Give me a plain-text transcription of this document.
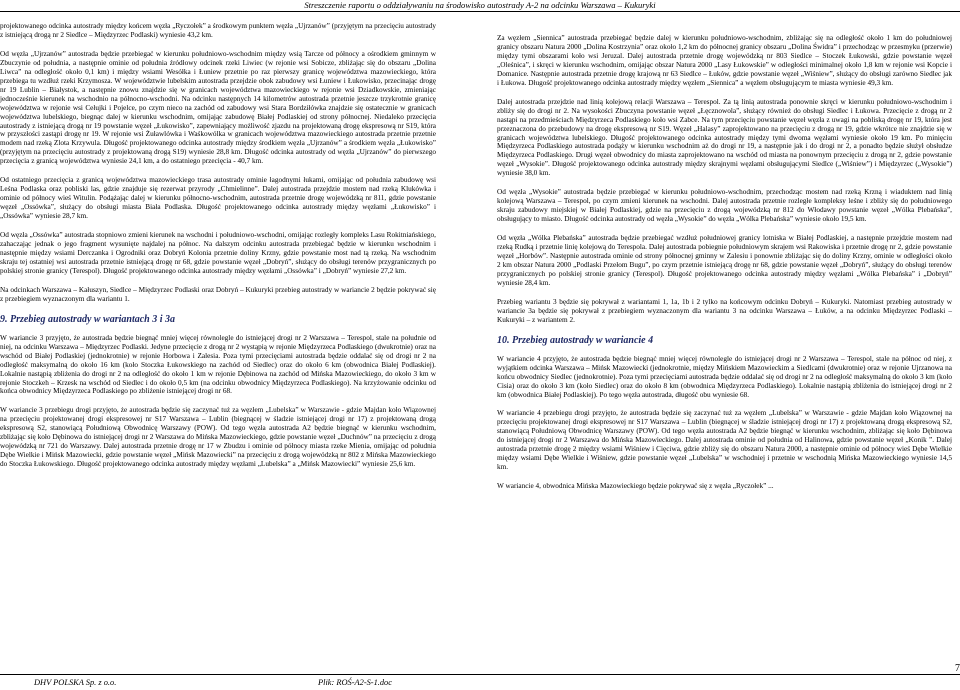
Streszczenie raportu o oddziaływaniu na środowisko autostrady A-2 na odcinku Warszawa – Kukuryki

projektowanego odcinka autostrady między końcem węzła „Ryczołek” a środkowym punktem węzła „Ujrzanów” (przyjętym na przecięciu autostrady z istniejącą drogą nr 2 Siedlce – Międzyrzec Podlaski) wyniesie 43,2 km.

Od węzła „Ujrzanów” autostrada będzie przebiegać w kierunku południowo-wschodnim między wsią Tarcze od północy a ośrodkiem gminnym w Zbuczynie od południa, a następnie ominie od południa źródłowy odcinek rzeki Liwiec (w rejonie wsi Sobicze, zbliżając się do obszaru „Dolina Liwca” na odległość około 0,1 km) i między wsiami Wesółka i Łuniew przetnie po raz pierwszy granicę województwa mazowieckiego, która przebiega tu wzdłuż rzeki Krzymosza. W województwie lubelskim autostrada przejdzie obok zabudowy wsi Łuniew i Łukowisko, przecinając drogę nr 19 Lublin – Białystok, a następnie znowu znajdzie się w granicach województwa mazowieckiego w rejonie wsi Dziadkowskie, zmieniając jednocześnie kierunek na wschodnio na północno-wschodni. Na odcinku następnych 14 kilometrów autostrada przetnie jeszcze trzykrotnie granicę województwa w rejonie wsi Cełujki i Pojelce, po czym nieco na zachód od zabudowy wsi Stara Bordziłówka znajdzie się ostatecznie w granicach województwa lubelskiego, biegnąc dalej w kierunku wschodnim, omijając zabudowę Białej Podlaskiej od strony północnej. Niedaleko przecięcia autostrady z istniejącą drogą nr 19 powstanie węzeł „Łukowisko”, zapewniający możliwość zjazdu na projektowaną drogę ekspresową nr S19, która w przyszłości zastąpi drogę nr 19. W rejonie wsi Żuławlówka i Waśkowólka w granicach województwa mazowieckiego autostrada przetnie przetnie modem nad rzeką Zlota Krzywula. Długość projektowanego odcinka autostrady między środkiem węzła „Ujrzanów” a środkiem węzła „Łukowisko” (przyjętym na przecięciu autostrady z projektowaną drogą S19) wyniesie 28,8 km. Długość odcinka autostrady od węzła „Ujrzanów” do pierwszego przecięcia z granicą województwa wyniesie 24,1 km, a do ostatniego przecięcia - 40,7 km.

Od ostatniego przecięcia z granicą województwa mazowieckiego trasa autostrady ominie łagodnymi łukami, omijając od południa zabudowę wsi Leśna Podlaska oraz pobliski las, gdzie znajduje się rezerwat przyrody „Chmielinne”. Dalej autostrada przejdzie mostem nad rzeką Klukówka i ominie od północy wieś Witulin. Podążając dalej w kierunku północno-wschodnim, autostrada przetnie drogę wojewódzką nr 811, gdzie powstanie węzeł „Ossówka”, służący do obsługi miasta Biała Podlaska. Długość projektowanego odcinka autostrady między węzłami „Łukowisko” i „Ossówka” wyniesie 28,7 km.

Od węzła „Ossówka” autostrada stopniowo zmieni kierunek na wschodni i południowo-wschodni, omijając rozległy kompleks Lasu Rokitniańskiego, zahaczając jednak o jego fragment wysunięte najdalej na północ. Na dalszym odcinku autostrada przebiegać będzie w kierunku wschodnim i następnie między wsiami Derczanka i Ogrodniki oraz Dobryń Kolonia przetnie doliny Krzny, gdzie powstanie most nad tą rzeką. Na wschodnim skraju tej ostatniej wsi autostrada przetnie istniejącą drogę nr 68, gdzie powstanie węzeł „Dobryń”, służący do obsługi terenów przygranicznych po polskiej stronie granicy (Terespol). Długość projektowanego odcinka autostrady między węzłami „Ossówka” i „Dobryń” wyniesie 27,2 km.

Na odcinkach Warszawa – Kałuszyn, Siedlce – Międzyrzec Podlaski oraz Dobryń – Kukuryki przebieg autostrady w wariancie 2 będzie pokrywać się z przebiegiem wyznaczonym dla wariantu 1.

9. Przebieg autostrady w wariantach 3 i 3a

W wariancie 3 przyjęto, że autostrada będzie biegnąć mniej więcej równolegle do istniejącej drogi nr 2 Warszawa – Terespol, stale na południe od niej, na odcinku Warszawa – Międzyrzec Podlaski. Jedyne przecięcie z drogą nr 2 wystąpią w rejonie Międzyrzeca Podlaskiego (dwukrotnie) oraz na wschód od Białej Podlaskiej (jednokrotnie) w rejonie Horbowa i Zalesia. Poza tymi przecięciami autostrada będzie oddalać się od drogi nr 2 na odległość maksymalną do około 16 km (koło Stoczka Łukowskiego na zachód od Siedlec) oraz do około 6 km (obwodnica Białej Podlaskiej). Lokalnie nastąpią zbliżenia do drogi nr 2 na odległość do około 1 km w rejonie Dębinowa na zachód od Mińska Mazowieckiego, do około 3 km w rejonie Stoczkeh – Krzesk na wschód od Siedlec i do około 0,5 km (na odcinku obwodnicy Międzyrzeca Podlaskiego). Na krzyżowanie odcinku od końca obwodnicy Międzyrzeca Podlaskiego po zbliżenie istniejącej drogi nr 68.

W wariancie 3 przebiegu drogi przyjęto, że autostrada będzie się zaczynać tuż za węzłem „Lubelska” w Warszawie - gdzie Majdan koło Wiązownej na przecięciu projektowanej drogi ekspresowej nr S17 Warszawa – Lublin (biegnącej w śladzie istniejącej drogi nr 17) z projektowaną drogą ekspresową S2, stanowiącą Południową Obwodnicę Warszawy (POW). Od tego węzła autostrada A2 będzie biegnąć w kierunku wschodnim, zbliżając się koło Dębinowa do istniejącej drogi nr 2 Warszawa do Mińska Mazowieckiego, gdzie powstanie węzeł „Duchnów” na przecięciu z drogą wojewódzką nr 721 do Warszawy. Dalej autostrada przetnie drogę nr 17 w Zbudzu i ominie od północy miasta rzeke Mienia, omijając od południa Dębe Wielkie i Mińsk Mazowiecki, gdzie powstanie węzeł „Mińsk Mazowiecki” na przecięciu z drogą wojewódzką nr 802 z Mińska Mazowieckiego do Stoczka Łukowskiego. Długość projektowanego odcinka autostrady między węzłami „Lubelska” a „Mińsk Mazowiecki” wyniesie 25,6 km.

Za węzłem „Siennica” autostrada przebiegać będzie dalej w kierunku południowo-wschodnim, zbliżając się na odległość około 1 km do południowej granicy obszaru Natura 2000 „Dolina Kostrzynia” oraz około 1,2 km do północnej granicy obszaru „Dolina Świdra” i przechodząc w przesmyku (przerwie) między tymi obszarami koło wsi Jeruzal. Dalej autostrada przetnie drogę wojewódzką nr 803 Siedlce – Stoczek Łukowski, gdzie powstanie węzeł „Oleśnica”, i skręci w kierunku wschodnim, omijając obszar Natura 2000 „Lasy Łukowskie” w odległości minimalnej około 1,8 km w rejonie wsi Kopcie i Domanice. Następnie autostrada przetnie drogę krajową nr 63 Siedlce – Łuków, gdzie powstanie węzeł „Wiśniew”, służący do obsługi zarówno Siedlec jak i Łukowa. Długość projektowanego odcinka autostrady między węzłem „Siennica” a węzłem obsługującym te miasta wyniesie 49,3 km.

Dalej autostrada przejdzie nad linią kolejową relacji Warszawa – Terespol. Za tą linią autostrada ponownie skręci w kierunku południowo-wschodnim i zbliży się do drogi nr 2. Na wysokości Zbuczyna powstanie węzeł „Łęcznowola”, służący również do obsługi Siedlec i Łukowa. Przecięcie z drogą nr 2 nastąpi na przedmieściach Międzyrzeca Podlaskiego koło wsi Zabce. Na tym przecięciu powstanie węzeł węzła z uwagi na pobliską drogę nr 19, która jest przeznaczona do przebudowy na drogę ekspresową nr S19. Węzeł „Halasy” zaprojektowano na przecięciu z drogą nr 19, gdzie wkrótce nie znajdzie się w granicach województwa lubelskiego. Długość projektowanego odcinka autostrady między tymi dwoma węzłami wyniesie około 19 km. Po minięciu Międzyrzeca Podlaskiego autostrada podąży w kierunku wschodnim aż do drogi nr 19, a następnie jak i do drogi nr 2, a ponadto będzie służył obsłudze Międzyrzeca Podlaskiego. Drugi węzeł obwodnicy do miasta zaprojektowano na wschód od miasta na ponownym przecięciu z drogą nr 2, gdzie powstanie węzeł „Wysokie”. Długość projektowanego odcinka autostrady między skrajnymi węzłami obsługującymi Siedlce („Wiśniew”) i Międzyrzec („Wysokie”) wyniesie 38,0 km.

Od węzła „Wysokie” autostrada będzie przebiegać w kierunku południowo-wschodnim, przechodząc mostem nad rzeką Krzną i wiaduktem nad linią kolejową Warszawa – Terespol, po czym zmieni kierunek na wschodni. Dalej autostrada przetnie rozległe kompleksy leśne i zbliży się do południowego skraju zabudowy miejskiej w Białej Podlaskiej, gdzie na przecięciu z drogą wojewódzką nr 812 do Włodawy powstanie węzeł „Wólka Plebańska”, obsługujący to miasto. Długość odcinka autostrady od węzła „Wysokie” do węzła „Wólka Plebańska” wyniesie około 19,5 km.

Od węzła „Wólka Plebańska” autostrada będzie przebiegać wzdłuż południowej granicy lotniska w Białej Podlaskiej, a następnie przejdzie mostem nad rzeką Rudką i przetnie linię kolejową do Terespola. Dalej autostrada pobiegnie południowym skrajem wsi Rakowiska i przetnie drogę nr 2, gdzie powstanie węzeł „Horbów”. Następnie autostrada ominie od strony północnej gminny w Zalesiu i ponownie zbliżając się do doliny Krzny, ominie w odległości około 2 km obszar Natura 2000 „Podlaski Przełom Bugu”, po czym przetnie istniejącą drogę nr 68, gdzie powstanie węzeł „Dobryń”, służący do obsługi terenów przygranicznych po polskiej stronie granicy (Terespol). Długość projektowanego odcinka autostrady między węzłami „Wólka Plebańska” i „Dobryń” wyniesie 28,4 km.

Przebieg wariantu 3 będzie się pokrywał z wariantami 1, 1a, 1b i 2 tylko na końcowym odcinku Dobryń – Kukuryki. Natomiast przebieg autostrady w wariancie 3a będzie się pokrywał z przebiegiem wyznaczonym dla wariantu 3 na odcinku Warszawa – Łuków, a na odcinku Międzyrzec Podlaski – Kukuryki – z wariantem 2.

10. Przebieg autostrady w wariancie 4

W wariancie 4 przyjęto, że autostrada będzie biegnąć mniej więcej równolegle do istniejącej drogi nr 2 Warszawa – Terespol, stale na północ od niej, z wyjątkiem odcinka Warszawa – Mińsk Mazowiecki (jednokrotnie, między Mińskiem Mazowieckim a Siedlcami (dwukrotnie) oraz w rejonie Ujrzanowa na końcu obwodnicy Siedlec (jednokrotnie). Poza tymi przecięciami autostrada będzie oddalać się od drogi nr 2 na odległość maksymalną do około 3 km (koło Cisia) oraz do około 3 km (koło Siedlec) oraz do około 8 km (obwodnica Międzyrzeca Podlaskiego). Lokalnie nastąpią zbliżenia do istniejącej drogi nr 2 km (obwodnica Białej Podlaskiej). Po tego węzła autostrada, długość obu wyniesie 68.

W wariancie 4 przebiegu drogi przyjęto, że autostrada będzie się zaczynać tuż za węzłem „Lubelska” w Warszawie - gdzie Majdan koło Wiązownej na przecięciu projektowanej drogi ekspresowej nr S17 Warszawa – Lublin (biegnącej w śladzie istniejącej drogi nr 17) z projektowaną drogą ekspresową S2, stanowiącą Południową Obwodnicę Warszawy (POW). Od tego węzła autostrada A2 będzie biegnąć w kierunku wschodnim, zbliżając się koło Dębinowa do istniejącej drogi nr 2 Warszawa do Mińska Mazowieckiego. Dalej autostrada ominie od południa od Halinowa, gdzie powstanie węzeł „Konik ”. Dalej autostrada przetnie drogę 2 między wsiami Wiśniew i Cięciwa, gdzie zbliży się do obszaru Natura 2000, a następnie ominie od północy wieś Dębe Wielkie między wsiami Dębe Wielkie i Wiśniew, gdzie powstanie węzeł „Lubelska” w wschodniej i przetnie w wschodnią Mińska Mazowieckiego wyniesie 14,5 km.

W wariancie 4, obwodnica Mińska Mazowieckiego będzie pokrywać się z węzła „Ryczołek” ...

7
DHV POLSKA Sp. z o.o.	Plik: ROŚ-A2-S-1.doc
